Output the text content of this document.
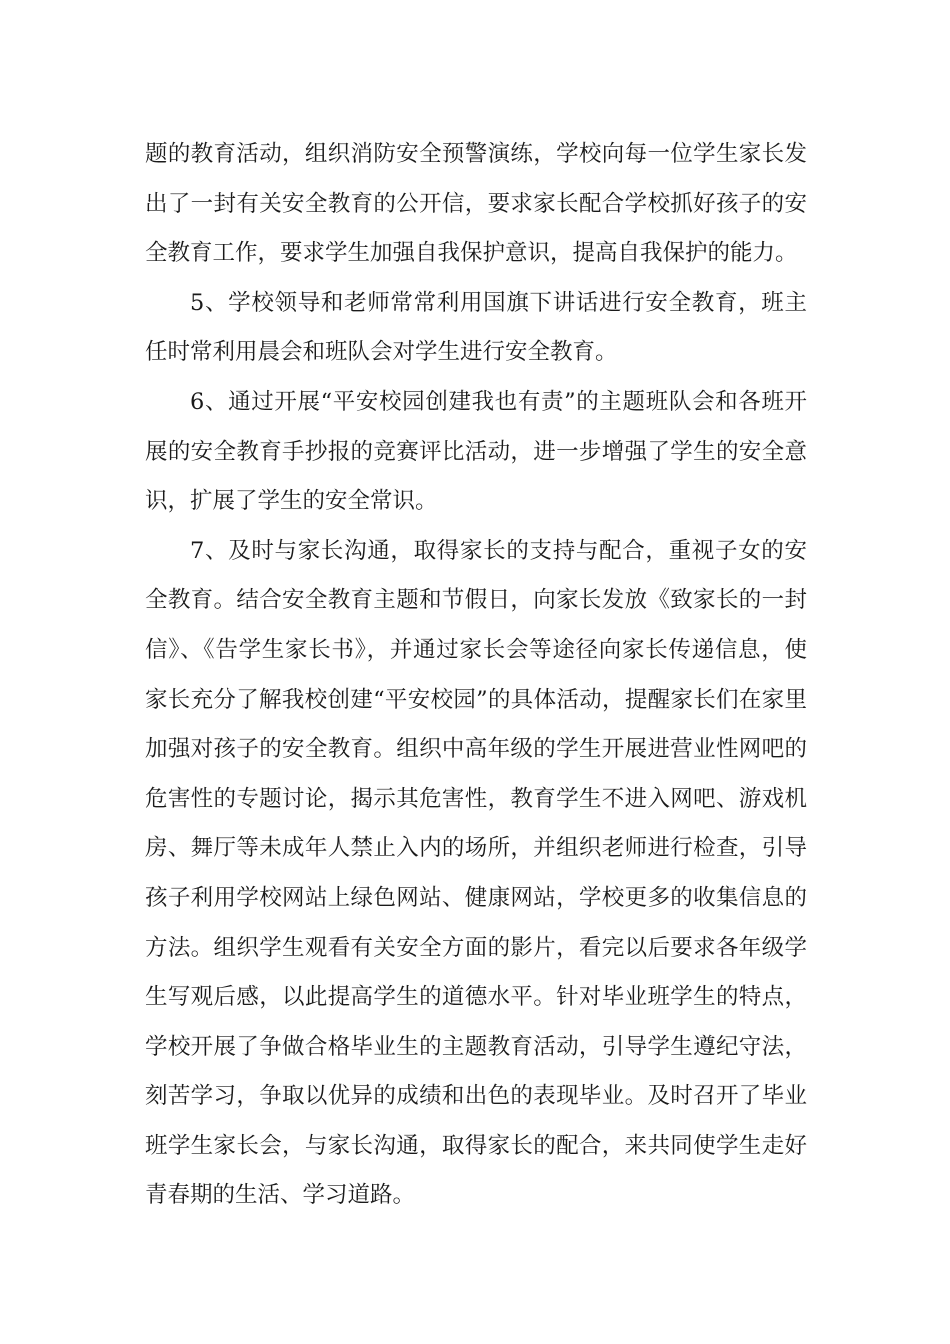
题的教育活动，组织消防安全预警演练，学校向每一位学生家长发出了一封有关安全教育的公开信，要求家长配合学校抓好孩子的安全教育工作，要求学生加强自我保护意识，提高自我保护的能力。

5、学校领导和老师常常利用国旗下讲话进行安全教育，班主任时常利用晨会和班队会对学生进行安全教育。

6、通过开展“平安校园创建我也有责”的主题班队会和各班开展的安全教育手抄报的竞赛评比活动，进一步增强了学生的安全意识，扩展了学生的安全常识。

7、及时与家长沟通，取得家长的支持与配合，重视子女的安全教育。结合安全教育主题和节假日，向家长发放《致家长的一封信》、《告学生家长书》，并通过家长会等途径向家长传递信息，使家长充分了解我校创建“平安校园”的具体活动，提醒家长们在家里加强对孩子的安全教育。组织中高年级的学生开展进营业性网吧的危害性的专题讨论，揭示其危害性，教育学生不进入网吧、游戏机房、舞厅等未成年人禁止入内的场所，并组织老师进行检查，引导孩子利用学校网站上绿色网站、健康网站，学校更多的收集信息的方法。组织学生观看有关安全方面的影片，看完以后要求各年级学生写观后感，以此提高学生的道德水平。针对毕业班学生的特点，学校开展了争做合格毕业生的主题教育活动，引导学生遵纪守法，刻苦学习，争取以优异的成绩和出色的表现毕业。及时召开了毕业班学生家长会，与家长沟通，取得家长的配合，来共同使学生走好青春期的生活、学习道路。
